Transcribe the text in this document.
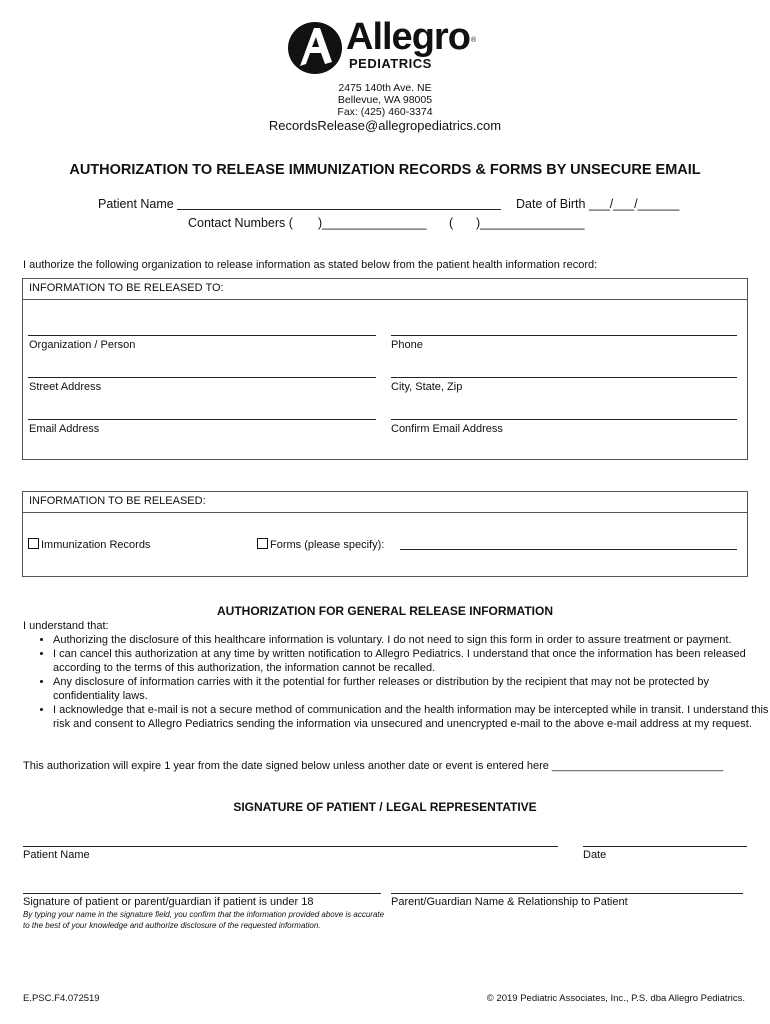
Allegro ®
PEDIATRICS
2475 140th Ave. NE
Bellevue, WA 98005
Fax: (425) 460-3374
RecordsRelease@allegropediatrics.com
AUTHORIZATION TO RELEASE IMMUNIZATION RECORDS & FORMS BY UNSECURE EMAIL
Patient Name	Date of Birth ___/___/______
Contact Numbers ( )_______________ ( )_______________
I authorize the following organization to release information as stated below from the patient health information record:
INFORMATION TO BE RELEASED TO:
Organization / Person	Phone
Street Address	City, State, Zip
Email Address	Confirm Email Address
INFORMATION TO BE RELEASED:
Immunization Records	Forms (please specify):
AUTHORIZATION FOR GENERAL RELEASE INFORMATION
I understand that:
• Authorizing the disclosure of this healthcare information is voluntary. I do not need to sign this form in order to assure treatment or payment.
• I can cancel this authorization at any time by written notification to Allegro Pediatrics. I understand that once the information has been released according to the terms of this authorization, the information cannot be recalled.
• Any disclosure of information carries with it the potential for further releases or distribution by the recipient that may not be protected by confidentiality laws.
• I acknowledge that e-mail is not a secure method of communication and the health information may be intercepted while in transit. I understand this risk and consent to Allegro Pediatrics sending the information via unsecured and unencrypted e-mail to the above e-mail address at my request.
This authorization will expire 1 year from the date signed below unless another date or event is entered here ____________________________
SIGNATURE OF PATIENT / LEGAL REPRESENTATIVE
Patient Name	Date
Signature of patient or parent/guardian if patient is under 18	Parent/Guardian Name & Relationship to Patient
By typing your name in the signature field, you confirm that the information provided above is accurate to the best of your knowledge and authorize disclosure of the requested information.
E.PSC.F4.072519	© 2019 Pediatric Associates, Inc., P.S. dba Allegro Pediatrics.
